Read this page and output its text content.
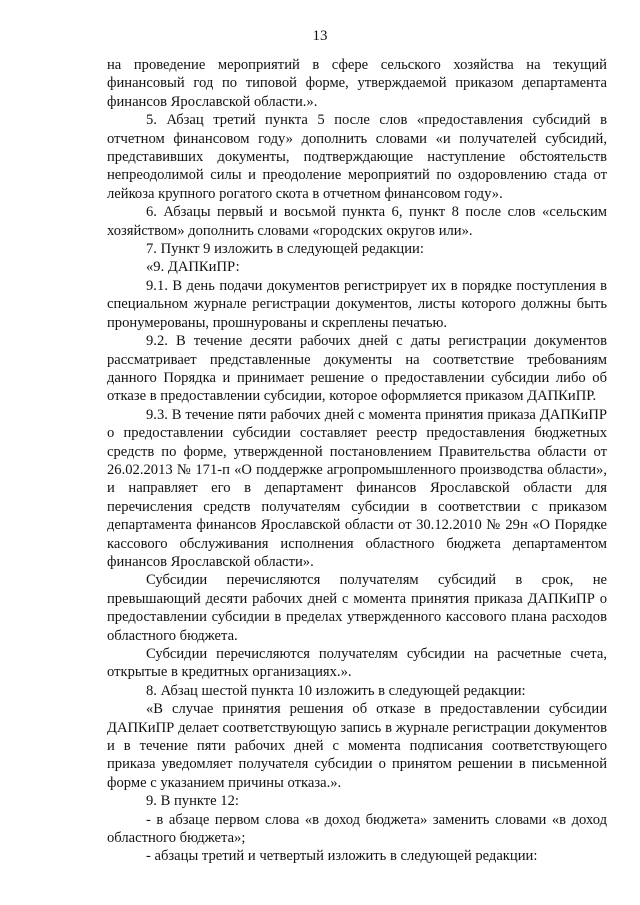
13

на проведение мероприятий в сфере сельского хозяйства на текущий финансовый год по типовой форме, утверждаемой приказом департамента финансов Ярославской области.».

5. Абзац третий пункта 5 после слов «предоставления субсидий в отчетном финансовом году» дополнить словами «и получателей субсидий, представивших документы, подтверждающие наступление обстоятельств непреодолимой силы и преодоление мероприятий по оздоровлению стада от лейкоза крупного рогатого скота в отчетном финансовом году».

6. Абзацы первый и восьмой пункта 6, пункт 8 после слов «сельским хозяйством» дополнить словами «городских округов или».

7. Пункт 9 изложить в следующей редакции:

«9. ДАПКиПР:

9.1. В день подачи документов регистрирует их в порядке поступления в специальном журнале регистрации документов, листы которого должны быть пронумерованы, прошнурованы и скреплены печатью.

9.2. В течение десяти рабочих дней с даты регистрации документов рассматривает представленные документы на соответствие требованиям данного Порядка и принимает решение о предоставлении субсидии либо об отказе в предоставлении субсидии, которое оформляется приказом ДАПКиПР.

9.3. В течение пяти рабочих дней с момента принятия приказа ДАПКиПР о предоставлении субсидии составляет реестр предоставления бюджетных средств по форме, утвержденной постановлением Правительства области от 26.02.2013 № 171-п «О поддержке агропромышленного производства области», и направляет его в департамент финансов Ярославской области для перечисления средств получателям субсидии в соответствии с приказом департамента финансов Ярославской области от 30.12.2010 № 29н «О Порядке кассового обслуживания исполнения областного бюджета департаментом финансов Ярославской области».

Субсидии перечисляются получателям субсидий в срок, не превышающий десяти рабочих дней с момента принятия приказа ДАПКиПР о предоставлении субсидии в пределах утвержденного кассового плана расходов областного бюджета.

Субсидии перечисляются получателям субсидии на расчетные счета, открытые в кредитных организациях.».

8. Абзац шестой пункта 10 изложить в следующей редакции:

«В случае принятия решения об отказе в предоставлении субсидии ДАПКиПР делает соответствующую запись в журнале регистрации документов и в течение пяти рабочих дней с момента подписания соответствующего приказа уведомляет получателя субсидии о принятом решении в письменной форме с указанием причины отказа.».

9. В пункте 12:

- в абзаце первом слова «в доход бюджета» заменить словами «в доход областного бюджета»;

- абзацы третий и четвертый изложить в следующей редакции:
